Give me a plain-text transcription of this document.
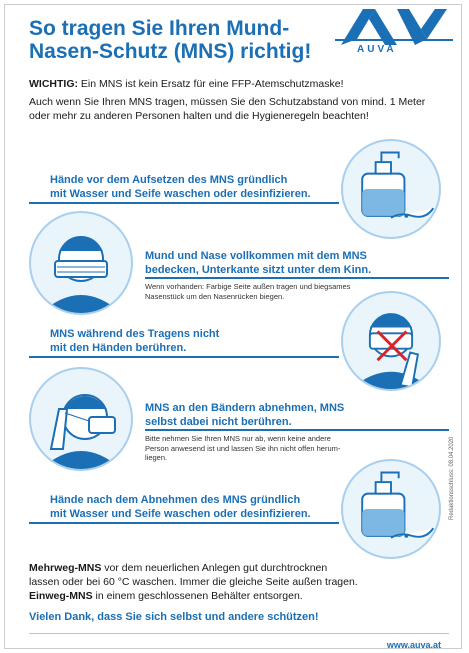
So tragen Sie Ihren Mund-
Nasen-Schutz (MNS) richtig!	AUVA
WICHTIG: Ein MNS ist kein Ersatz für eine FFP-Atemschutzmaske!
Auch wenn Sie Ihren MNS tragen, müssen Sie den Schutzabstand von mind. 1 Meter oder mehr zu anderen Personen halten und die Hygieneregeln beachten!

Hände vor dem Aufsetzen des MNS gründlich
mit Wasser und Seife waschen oder desinfizieren.

Mund und Nase vollkommen mit dem MNS
bedecken, Unterkante sitzt unter dem Kinn.

Wenn vorhanden: Farbige Seite außen tragen und biegsames
Nasenstück um den Nasenrücken biegen.

MNS während des Tragens nicht
mit den Händen berühren.

MNS an den Bändern abnehmen, MNS
selbst dabei nicht berühren.

Bitte nehmen Sie Ihren MNS nur ab, wenn keine andere
Person anwesend ist und lassen Sie ihn nicht offen herum-
liegen.

Hände nach dem Abnehmen des MNS gründlich
mit Wasser und Seife waschen oder desinfizieren.

Mehrweg-MNS vor dem neuerlichen Anlegen gut durchtrocknen
lassen oder bei 60 °C waschen. Immer die gleiche Seite außen tragen.

Einweg-MNS in einem geschlossenen Behälter entsorgen.

Vielen Dank, dass Sie sich selbst und andere schützen!

www.auva.at
Redaktionsschluss: 08.04.2020
